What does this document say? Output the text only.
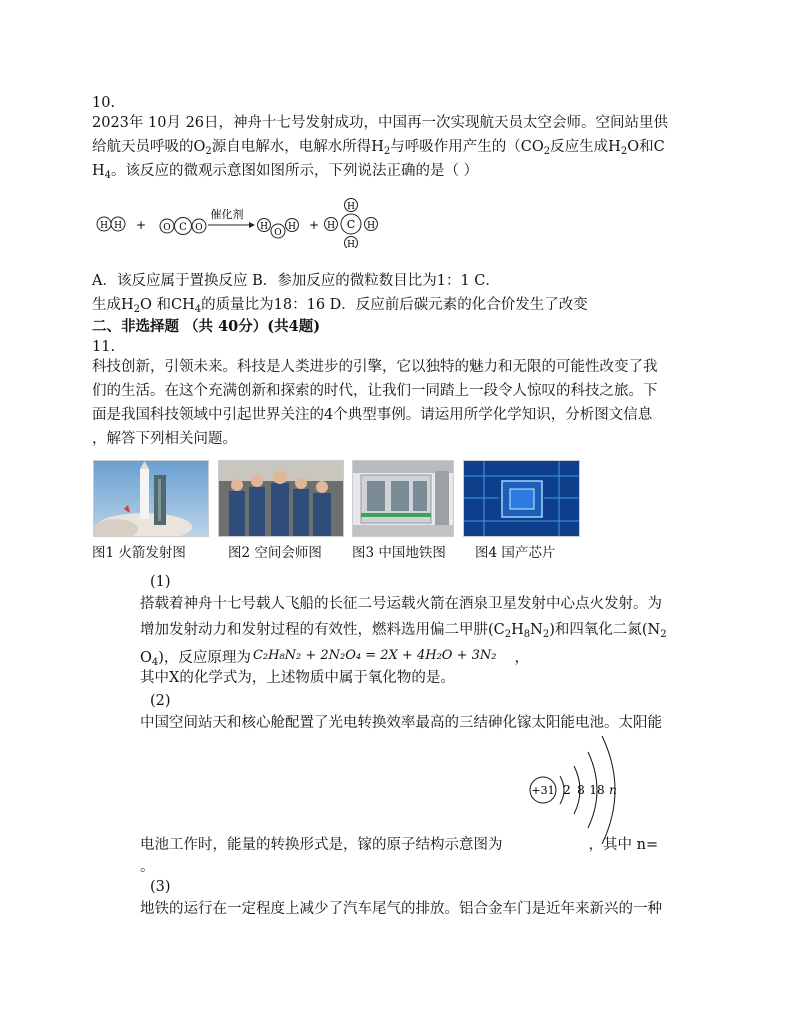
10.
2023年 10月 26日，神舟十七号发射成功，中国再一次实现航天员太空会师。空间站里供
给航天员呼吸的$O_2$源自电解水，电解水所得$H_2$与呼吸作用产生的（$CO_2$反应生成$H_2O$和C
$H_4$。该反应的微观示意图如图所示，下列说法正确的是（ ）
H H + O C O
催化剂
H
O
H +
H
H
H	H
C
A．该反应属于置换反应 B．参加反应的微粒数目比为1：1 C．
生成$H_2O$ 和$CH_4$的质量比为18：16 D．反应前后碳元素的化合价发生了改变
二、非选择题 （共 40分）(共4题)
11.
科技创新，引领未来。科技是人类进步的引擎，它以独特的魅力和无限的可能性改变了我
们的生活。在这个充满创新和探索的时代，让我们一同踏上一段令人惊叹的科技之旅。下
面是我国科技领域中引起世界关注的4个典型事例。请运用所学化学知识，分析图文信息
，解答下列相关问题。
图1 火箭发射图	图2 空间会师图 图3 中国地铁图 图4 国产芯片
(1)
搭载着神舟十七号载人飞船的长征二号运载火箭在酒泉卫星发射中心点火发射。为
增加发射动力和发射过程的有效性，燃料选用偏二甲肼$(C_2H_8N_2)$和四氧化二氮($N_2$
$O_4$)，反应原理为 C₂H₈N₂ + 2N₂O₄ = 2X + 4H₂O + 3N₂ ，
其中X的化学式为，上述物质中属于氧化物的是。
(2)
中国空间站天和核心舱配置了光电转换效率最高的三结砷化镓太阳能电池。太阳能
+31 2 8 18 n
电池工作时，能量的转换形式是，镓的原子结构示意图为	，其中 n=
。
(3)
地铁的运行在一定程度上减少了汽车尾气的排放。铝合金车门是近年来新兴的一种
